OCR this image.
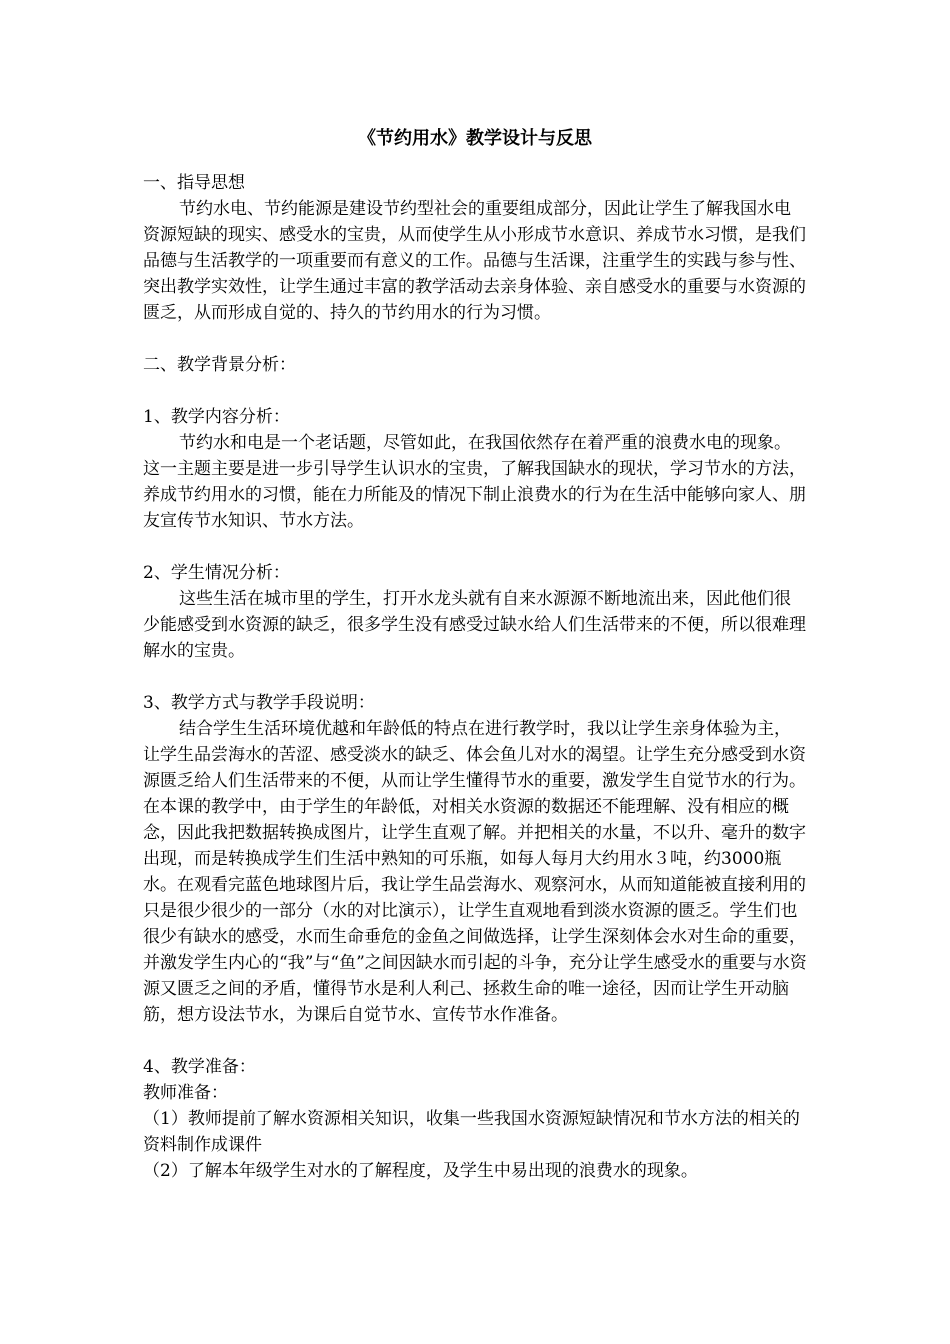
《节约用水》教学设计与反思

一、指导思想

节约水电、节约能源是建设节约型社会的重要组成部分，因此让学生了解我国水电资源短缺的现实、感受水的宝贵，从而使学生从小形成节水意识、养成节水习惯，是我们品德与生活教学的一项重要而有意义的工作。品德与生活课，注重学生的实践与参与性、突出教学实效性，让学生通过丰富的教学活动去亲身体验、亲自感受水的重要与水资源的匮乏，从而形成自觉的、持久的节约用水的行为习惯。

二、教学背景分析：

1、教学内容分析：

节约水和电是一个老话题，尽管如此，在我国依然存在着严重的浪费水电的现象。这一主题主要是进一步引导学生认识水的宝贵，了解我国缺水的现状，学习节水的方法，养成节约用水的习惯，能在力所能及的情况下制止浪费水的行为在生活中能够向家人、朋友宣传节水知识、节水方法。

2、学生情况分析：

这些生活在城市里的学生，打开水龙头就有自来水源源不断地流出来，因此他们很少能感受到水资源的缺乏，很多学生没有感受过缺水给人们生活带来的不便，所以很难理解水的宝贵。

3、教学方式与教学手段说明：

结合学生生活环境优越和年龄低的特点在进行教学时，我以让学生亲身体验为主，让学生品尝海水的苦涩、感受淡水的缺乏、体会鱼儿对水的渴望。让学生充分感受到水资源匮乏给人们生活带来的不便，从而让学生懂得节水的重要，激发学生自觉节水的行为。在本课的教学中，由于学生的年龄低，对相关水资源的数据还不能理解、没有相应的概念，因此我把数据转换成图片，让学生直观了解。并把相关的水量，不以升、毫升的数字出现，而是转换成学生们生活中熟知的可乐瓶，如每人每月大约用水３吨，约3000瓶水。在观看完蓝色地球图片后，我让学生品尝海水、观察河水，从而知道能被直接利用的只是很少很少的一部分（水的对比演示），让学生直观地看到淡水资源的匮乏。学生们也很少有缺水的感受，水而生命垂危的金鱼之间做选择，让学生深刻体会水对生命的重要，并激发学生内心的“我”与“鱼”之间因缺水而引起的斗争，充分让学生感受水的重要与水资源又匮乏之间的矛盾，懂得节水是利人利己、拯救生命的唯一途径，因而让学生开动脑筋，想方设法节水，为课后自觉节水、宣传节水作准备。

4、教学准备：

教师准备：

（1）教师提前了解水资源相关知识，收集一些我国水资源短缺情况和节水方法的相关的资料制作成课件

（2）了解本年级学生对水的了解程度，及学生中易出现的浪费水的现象。
